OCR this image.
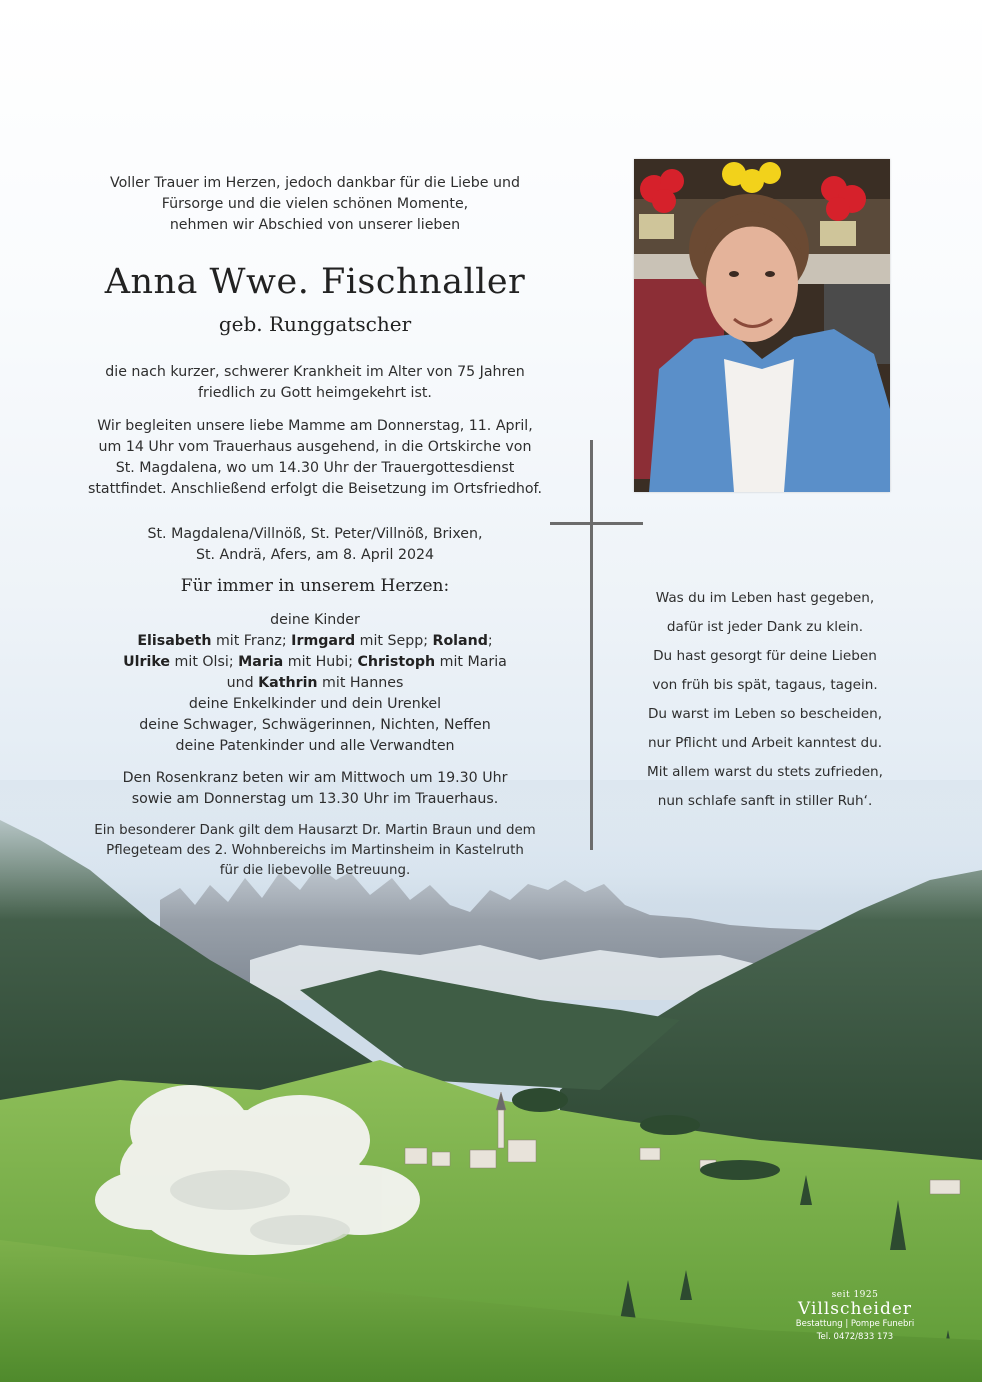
Voller Trauer im Herzen, jedoch dankbar für die Liebe und
Fürsorge und die vielen schönen Momente,
nehmen wir Abschied von unserer lieben
Anna Wwe. Fischnaller
geb. Runggatscher
die nach kurzer, schwerer Krankheit im Alter von 75 Jahren
friedlich zu Gott heimgekehrt ist.
Wir begleiten unsere liebe Mamme am Donnerstag, 11. April,
um 14 Uhr vom Trauerhaus ausgehend, in die Ortskirche von
St. Magdalena, wo um 14.30 Uhr der Trauergottesdienst
stattfindet. Anschließend erfolgt die Beisetzung im Ortsfriedhof.
St. Magdalena/Villnöß, St. Peter/Villnöß, Brixen,
St. Andrä, Afers, am 8. April 2024
Für immer in unserem Herzen:
deine Kinder
Elisabeth mit Franz; Irmgard mit Sepp; Roland;
Ulrike mit Olsi; Maria mit Hubi; Christoph mit Maria
und Kathrin mit Hannes
deine Enkelkinder und dein Urenkel
deine Schwager, Schwägerinnen, Nichten, Neffen
deine Patenkinder und alle Verwandten
Den Rosenkranz beten wir am Mittwoch um 19.30 Uhr
sowie am Donnerstag um 13.30 Uhr im Trauerhaus.
Ein besonderer Dank gilt dem Hausarzt Dr. Martin Braun und dem
Pflegeteam des 2. Wohnbereichs im Martinsheim in Kastelruth
für die liebevolle Betreuung.
Was du im Leben hast gegeben,
dafür ist jeder Dank zu klein.
Du hast gesorgt für deine Lieben
von früh bis spät, tagaus, tagein.
Du warst im Leben so bescheiden,
nur Pflicht und Arbeit kanntest du.
Mit allem warst du stets zufrieden,
nun schlafe sanft in stiller Ruh‘.
seit 1925
Villscheider
Bestattung | Pompe Funebri
Tel. 0472/833 173
